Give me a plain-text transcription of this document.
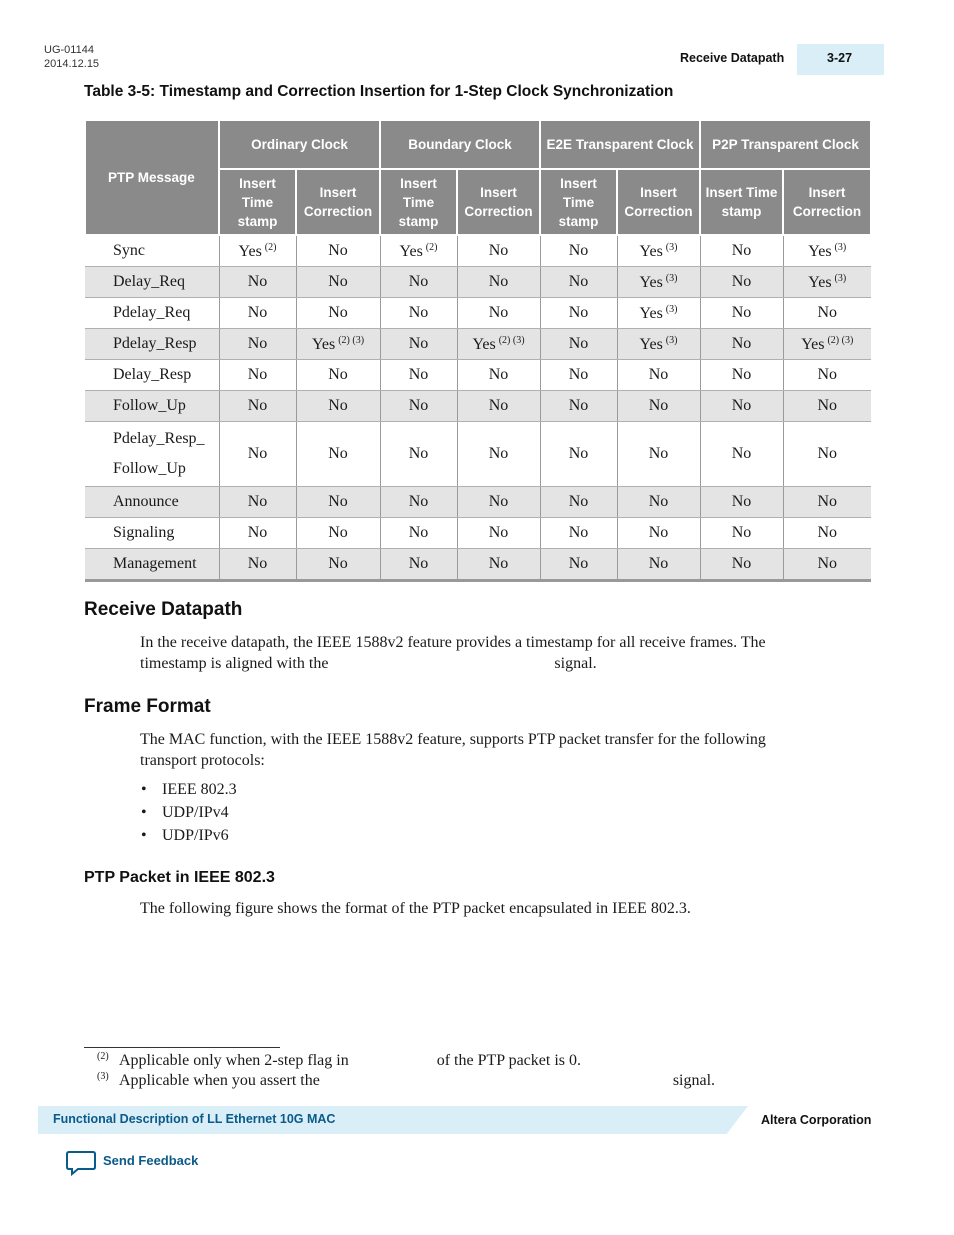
UG-01144
2014.12.15	Receive Datapath	3-27
Table 3-5: Timestamp and Correction Insertion for 1-Step Clock Synchronization
PTP Message	Ordinary Clock		Boundary Clock		E2E Transparent Clock		P2P Transparent Clock	
	Insert Time stamp	Insert Correction	Insert Time stamp	Insert Correction	Insert Time stamp	Insert Correction	Insert Time stamp	Insert Correction

Sync	Yes $^{(2)}$	No	Yes $^{(2)}$	No	No	Yes $^{(3)}$	No	Yes $^{(3)}$

Delay_Req	No	No	No	No	No	Yes $^{(3)}$	No	Yes $^{(3)}$

Pdelay_Req	No	No	No	No	No	Yes $^{(3)}$	No	No

Pdelay_Resp	No	Yes $^{(2) (3)}$	No	Yes $^{(2) (3)}$	No	Yes $^{(3)}$	No	Yes $^{(2) (3)}$

Delay_Resp	No	No	No	No	No	No	No	No

Follow_Up	No	No	No	No	No	No	No	No

Pdelay_Resp_
Follow_Up	No	No	No	No	No	No	No	No

Announce	No	No	No	No	No	No	No	No

Signaling	No	No	No	No	No	No	No	No

Management	No	No	No	No	No	No	No	No
Receive Datapath
In the receive datapath, the IEEE 1588v2 feature provides a timestamp for all receive frames. The
timestamp is aligned with the	signal.
Frame Format
The MAC function, with the IEEE 1588v2 feature, supports PTP packet transfer for the following
transport protocols:
• IEEE 802.3
• UDP/IPv4
• UDP/IPv6
PTP Packet in IEEE 802.3
The following figure shows the format of the PTP packet encapsulated in IEEE 802.3.
(2) Applicable only when 2-step flag in	of the PTP packet is 0.
(3) Applicable when you assert the	signal.
Functional Description of LL Ethernet 10G MAC	Altera Corporation
Send Feedback
